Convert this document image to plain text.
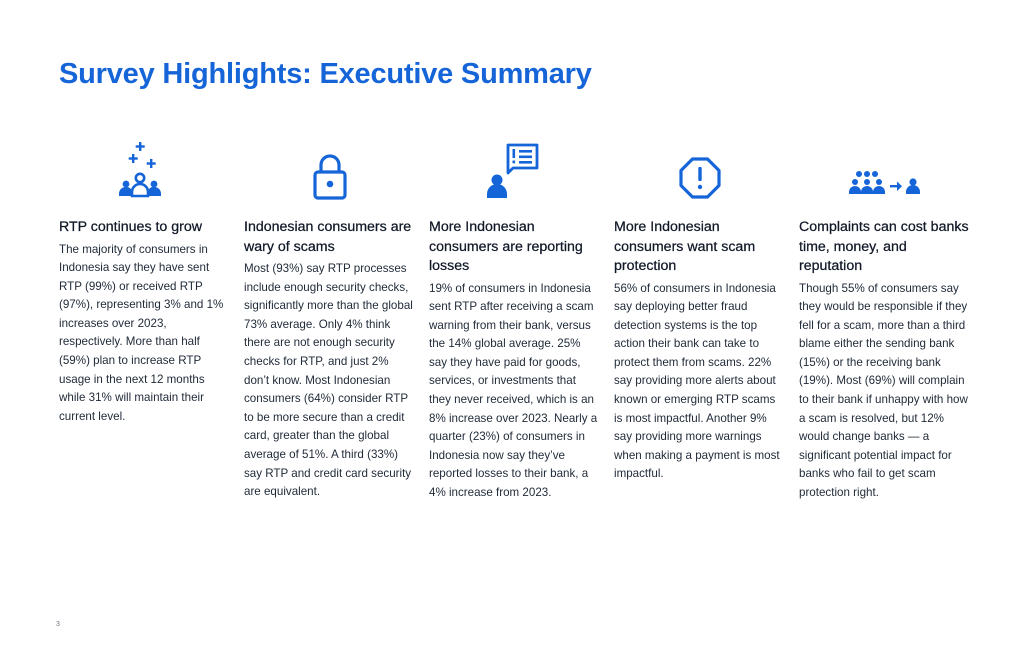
Survey Highlights: Executive Summary
RTP continues to grow

The majority of consumers in Indonesia say they have sent RTP (99%) or received RTP (97%), representing 3% and 1% increases over 2023, respectively. More than half (59%) plan to increase RTP usage in the next 12 months while 31% will maintain their current level.

Indonesian consumers are wary of scams

Most (93%) say RTP processes include enough security checks, significantly more than the global 73% average. Only 4% think there are not enough security checks for RTP, and just 2% don’t know. Most Indonesian consumers (64%) consider RTP to be more secure than a credit card, greater than the global average of 51%. A third (33%) say RTP and credit card security are equivalent.

More Indonesian consumers are reporting losses

19% of consumers in Indonesia sent RTP after receiving a scam warning from their bank, versus the 14% global average. 25% say they have paid for goods, services, or investments that they never received, which is an 8% increase over 2023. Nearly a quarter (23%) of consumers in Indonesia now say they’ve reported losses to their bank, a 4% increase from 2023.

More Indonesian consumers want scam protection

56% of consumers in Indonesia say deploying better fraud detection systems is the top action their bank can take to protect them from scams. 22% say providing more alerts about known or emerging RTP scams is most impactful. Another 9% say providing more warnings when making a payment is most impactful.

Complaints can cost banks time, money, and reputation

Though 55% of consumers say they would be responsible if they fell for a scam, more than a third blame either the sending bank (15%) or the receiving bank (19%). Most (69%) will complain to their bank if unhappy with how a scam is resolved, but 12% would change banks — a significant potential impact for banks who fail to get scam protection right.

3
